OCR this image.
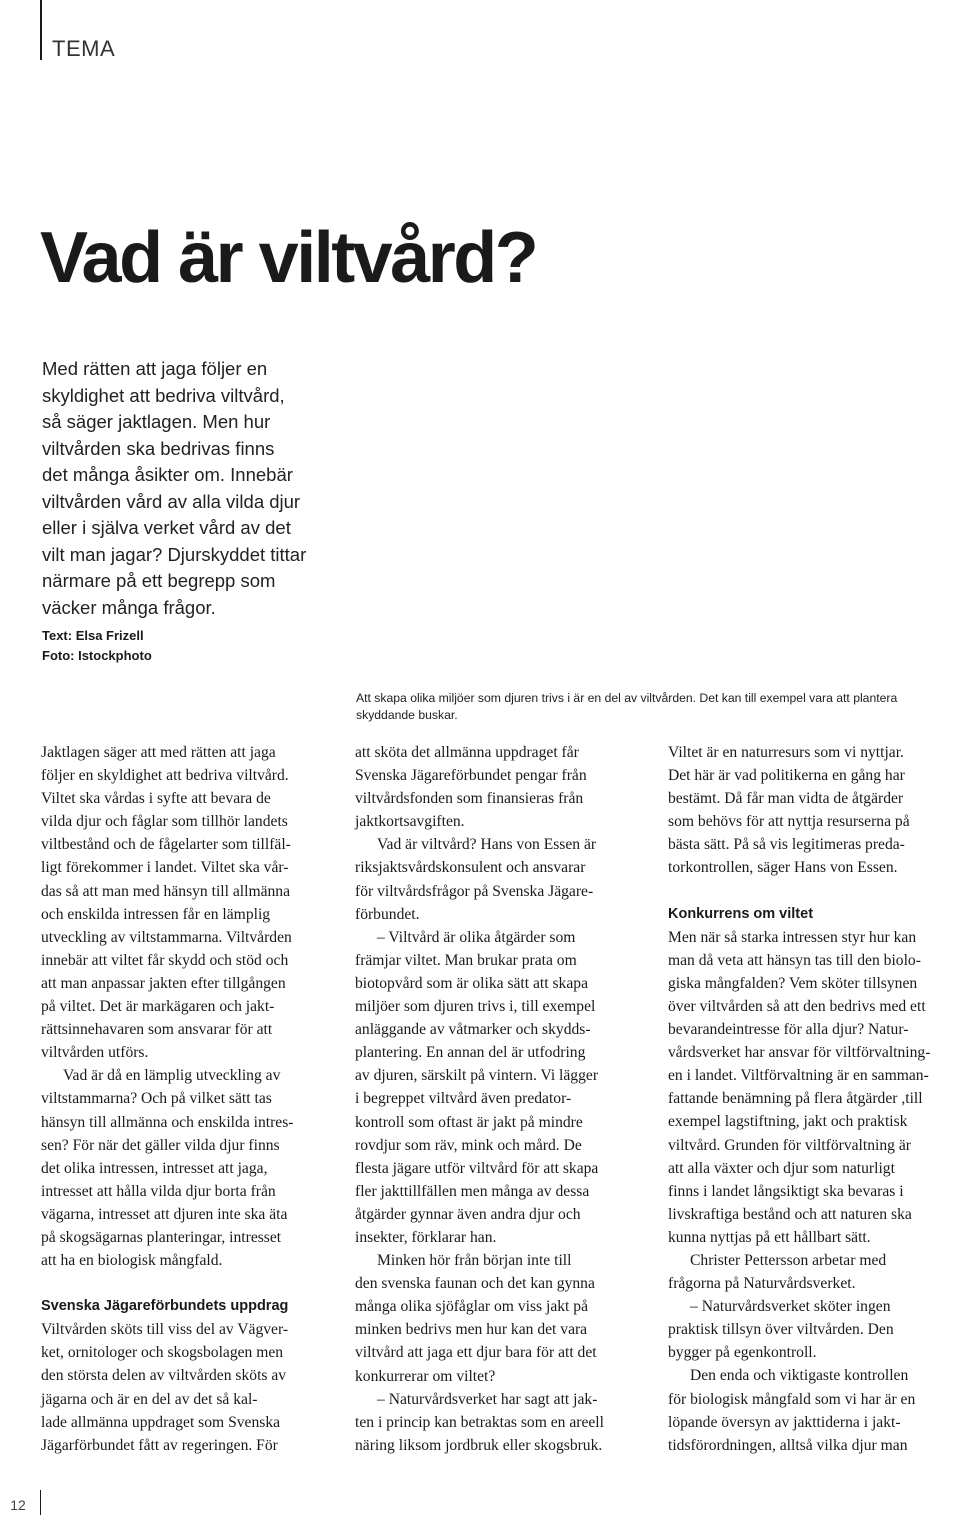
TEMA
Vad är viltvård?
Med rätten att jaga följer en
skyldighet att bedriva viltvård,
så säger jaktlagen. Men hur
viltvården ska bedrivas finns
det många åsikter om. Innebär
viltvården vård av alla vilda djur
eller i själva verket vård av det
vilt man jagar? Djurskyddet tittar
närmare på ett begrepp som
väcker många frågor.
Text: Elsa Frizell
Foto: Istockphoto
Att skapa olika miljöer som djuren trivs i är en del av viltvården. Det kan till exempel vara att plantera skyddande buskar.
Jaktlagen säger att med rätten att jaga
följer en skyldighet att bedriva viltvård.
Viltet ska vårdas i syfte att bevara de
vilda djur och fåglar som tillhör landets
viltbestånd och de fågelarter som tillfäl-
ligt förekommer i landet. Viltet ska vår-
das så att man med hänsyn till allmänna
och enskilda intressen får en lämplig
utveckling av viltstammarna. Viltvården
innebär att viltet får skydd och stöd och
att man anpassar jakten efter tillgången
på viltet. Det är markägaren och jakt-
rättsinnehavaren som ansvarar för att
viltvården utförs.
Vad är då en lämplig utveckling av
viltstammarna? Och på vilket sätt tas
hänsyn till allmänna och enskilda intres-
sen? För när det gäller vilda djur finns
det olika intressen, intresset att jaga,
intresset att hålla vilda djur borta från
vägarna, intresset att djuren inte ska äta
på skogsägarnas planteringar, intresset
att ha en biologisk mångfald.
Svenska Jägareförbundets uppdrag
Viltvården sköts till viss del av Vägver-
ket, ornitologer och skogsbolagen men
den största delen av viltvården sköts av
jägarna och är en del av det så kal-
lade allmänna uppdraget som Svenska
Jägarförbundet fått av regeringen. För
att sköta det allmänna uppdraget får
Svenska Jägareförbundet pengar från
viltvårdsfonden som finansieras från
jaktkortsavgiften.
Vad är viltvård? Hans von Essen är
riksjaktsvårdskonsulent och ansvarar
för viltvårdsfrågor på Svenska Jägare-
förbundet.
– Viltvård är olika åtgärder som
främjar viltet. Man brukar prata om
biotopvård som är olika sätt att skapa
miljöer som djuren trivs i, till exempel
anläggande av våtmarker och skydds-
plantering. En annan del är utfodring
av djuren, särskilt på vintern. Vi lägger
i begreppet viltvård även predator-
kontroll som oftast är jakt på mindre
rovdjur som räv, mink och mård. De
flesta jägare utför viltvård för att skapa
fler jakttillfällen men många av dessa
åtgärder gynnar även andra djur och
insekter, förklarar han.
Minken hör från början inte till
den svenska faunan och det kan gynna
många olika sjöfåglar om viss jakt på
minken bedrivs men hur kan det vara
viltvård att jaga ett djur bara för att det
konkurrerar om viltet?
– Naturvårdsverket har sagt att jak-
ten i princip kan betraktas som en areell
näring liksom jordbruk eller skogsbruk.
Viltet är en naturresurs som vi nyttjar.
Det här är vad politikerna en gång har
bestämt. Då får man vidta de åtgärder
som behövs för att nyttja resurserna på
bästa sätt. På så vis legitimeras preda-
torkontrollen, säger Hans von Essen.
Konkurrens om viltet
Men när så starka intressen styr hur kan
man då veta att hänsyn tas till den biolo-
giska mångfalden? Vem sköter tillsynen
över viltvården så att den bedrivs med ett
bevarandeintresse för alla djur? Natur-
vårdsverket har ansvar för viltförvaltning-
en i landet. Viltförvaltning är en samman-
fattande benämning på flera åtgärder ,till
exempel lagstiftning, jakt och praktisk
viltvård. Grunden för viltförvaltning är
att alla växter och djur som naturligt
finns i landet långsiktigt ska bevaras i
livskraftiga bestånd och att naturen ska
kunna nyttjas på ett hållbart sätt.
Christer Pettersson arbetar med
frågorna på Naturvårdsverket.
– Naturvårdsverket sköter ingen
praktisk tillsyn över viltvården. Den
bygger på egenkontroll.
Den enda och viktigaste kontrollen
för biologisk mångfald som vi har är en
löpande översyn av jakttiderna i jakt-
tidsförordningen, alltså vilka djur man
12
